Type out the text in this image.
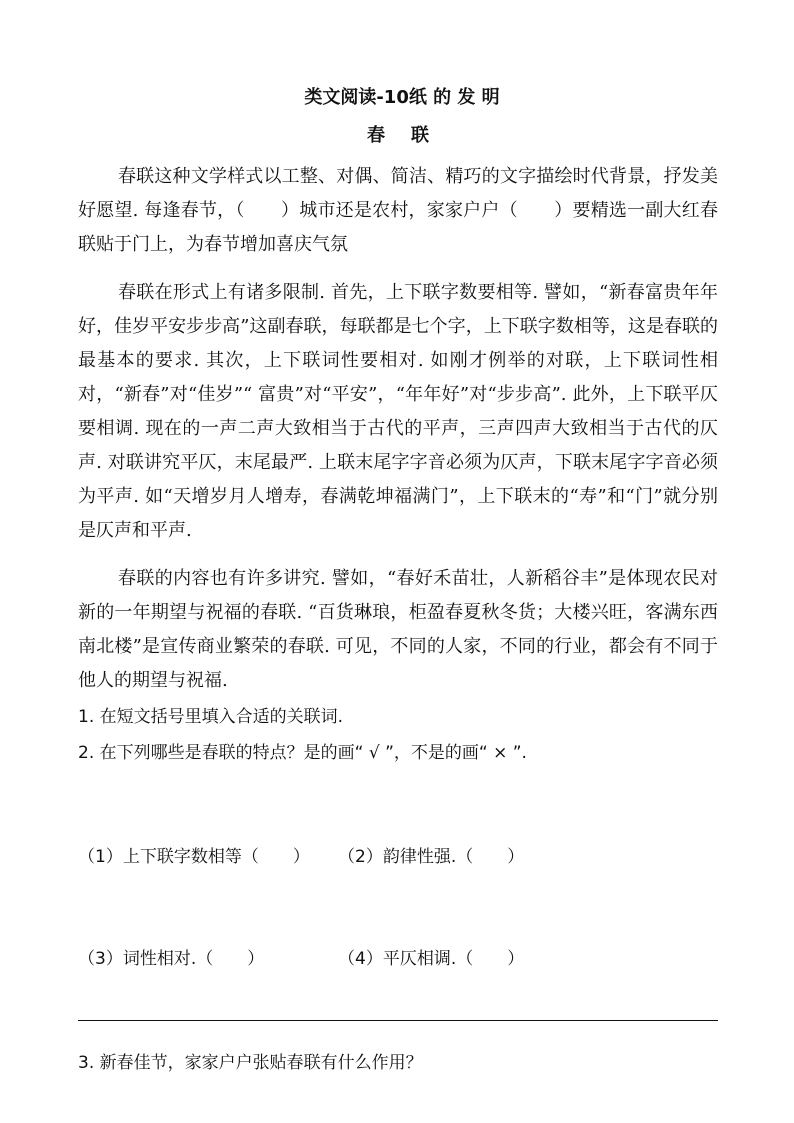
类文阅读-10纸 的 发 明
春联

春联这种文学样式以工整、对偶、简洁、精巧的文字描绘时代背景，抒发美好愿望. 每逢春节，（　　）城市还是农村，家家户户（　　）要精选一副大红春联贴于门上，为春节增加喜庆气氛

春联在形式上有诸多限制. 首先，上下联字数要相等. 譬如，“新春富贵年年好，佳岁平安步步高”这副春联，每联都是七个字，上下联字数相等，这是春联的最基本的要求. 其次，上下联词性要相对. 如刚才例举的对联，上下联词性相对，“新春”对“佳岁”“ 富贵”对“平安”，“年年好”对“步步高”. 此外，上下联平仄要相调. 现在的一声二声大致相当于古代的平声，三声四声大致相当于古代的仄声. 对联讲究平仄，末尾最严. 上联末尾字字音必须为仄声，下联末尾字字音必须为平声. 如“天增岁月人增寿，春满乾坤福满门”，上下联末的“寿”和“门”就分别是仄声和平声.

春联的内容也有许多讲究. 譬如，“春好禾苗壮，人新稻谷丰”是体现农民对新的一年期望与祝福的春联. “百货琳琅，柜盈春夏秋冬货；大楼兴旺，客满东西南北楼”是宣传商业繁荣的春联. 可见，不同的人家，不同的行业，都会有不同于他人的期望与祝福.

1. 在短文括号里填入合适的关联词.

2. 在下列哪些是春联的特点？是的画“ √ ”，不是的画“ × ”.

（1）上下联字数相等（　　）	（2）韵律性强.（　　）

（3）词性相对.（　　）	（4）平仄相调.（　　）

3. 新春佳节，家家户户张贴春联有什么作用？
